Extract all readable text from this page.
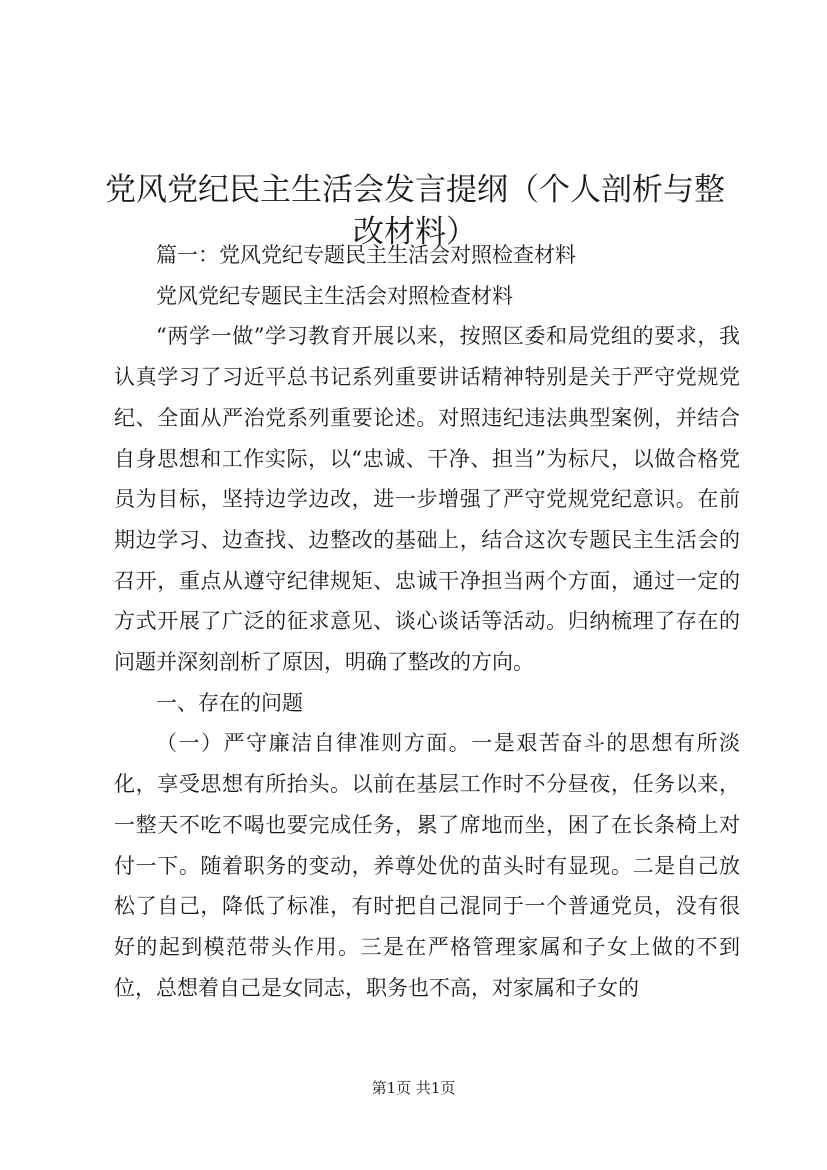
党风党纪民主生活会发言提纲（个人剖析与整改材料）

篇一：党风党纪专题民主生活会对照检查材料

党风党纪专题民主生活会对照检查材料

“两学一做”学习教育开展以来，按照区委和局党组的要求，我认真学习了习近平总书记系列重要讲话精神特别是关于严守党规党纪、全面从严治党系列重要论述。对照违纪违法典型案例，并结合自身思想和工作实际，以“忠诚、干净、担当”为标尺，以做合格党员为目标，坚持边学边改，进一步增强了严守党规党纪意识。在前期边学习、边查找、边整改的基础上，结合这次专题民主生活会的召开，重点从遵守纪律规矩、忠诚干净担当两个方面，通过一定的方式开展了广泛的征求意见、谈心谈话等活动。归纳梳理了存在的问题并深刻剖析了原因，明确了整改的方向。

一、存在的问题

（一）严守廉洁自律准则方面。一是艰苦奋斗的思想有所淡化，享受思想有所抬头。以前在基层工作时不分昼夜，任务以来，一整天不吃不喝也要完成任务，累了席地而坐，困了在长条椅上对付一下。随着职务的变动，养尊处优的苗头时有显现。二是自己放松了自己，降低了标准，有时把自己混同于一个普通党员，没有很好的起到模范带头作用。三是在严格管理家属和子女上做的不到位，总想着自己是女同志，职务也不高，对家属和子女的

第1页 共1页
